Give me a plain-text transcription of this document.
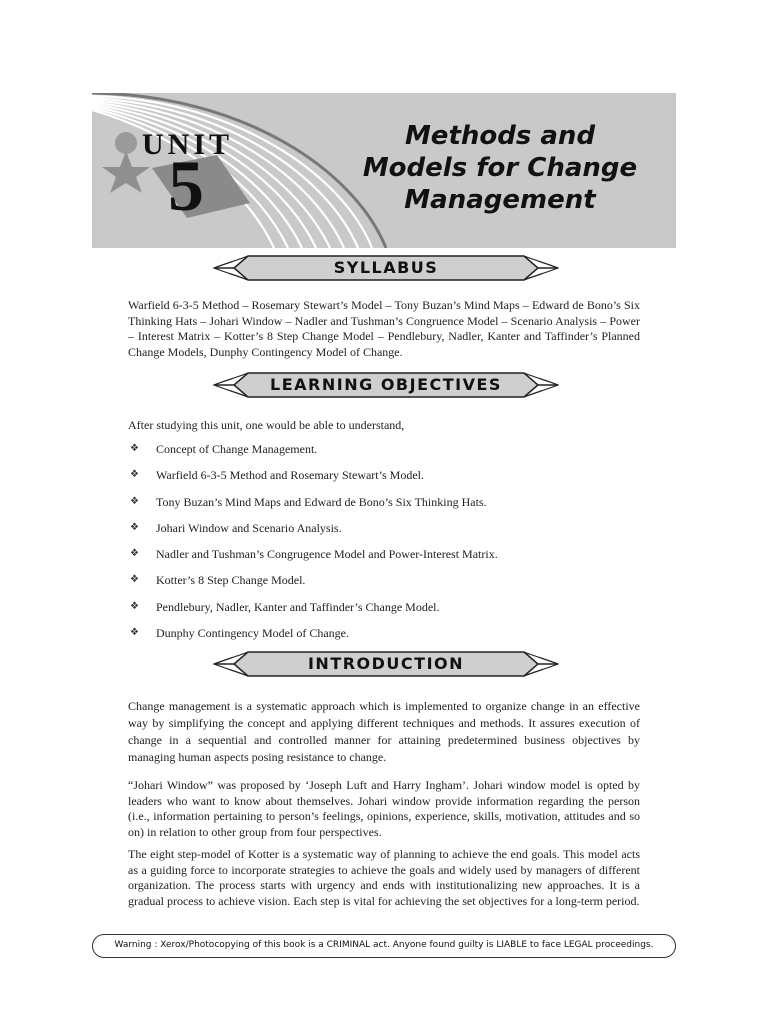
UNIT
5
Methods and
Models for Change
Management
SYLLABUS

Warfield 6-3-5 Method – Rosemary Stewart’s Model – Tony Buzan’s Mind Maps – Edward de Bono’s Six Thinking Hats – Johari Window – Nadler and Tushman’s Congruence Model – Scenario Analysis – Power – Interest Matrix – Kotter’s 8 Step Change Model – Pendlebury, Nadler, Kanter and Taffinder’s Planned Change Models, Dunphy Contingency Model of Change.

LEARNING OBJECTIVES

After studying this unit, one would be able to understand,

❖ Concept of Change Management.
❖ Warfield 6-3-5 Method and Rosemary Stewart’s Model.
❖ Tony Buzan’s Mind Maps and Edward de Bono’s Six Thinking Hats.
❖ Johari Window and Scenario Analysis.
❖ Nadler and Tushman’s Congrugence Model and Power-Interest Matrix.
❖ Kotter’s 8 Step Change Model.
❖ Pendlebury, Nadler, Kanter and Taffinder’s Change Model.
❖ Dunphy Contingency Model of Change.
INTRODUCTION

Change management is a systematic approach which is implemented to organize change in an effective way by simplifying the concept and applying different techniques and methods. It assures execution of change in a sequential and controlled manner for attaining predetermined business objectives by managing human aspects posing resistance to change.

“Johari Window” was proposed by ‘Joseph Luft and Harry Ingham’. Johari window model is opted by leaders who want to know about themselves. Johari window provide information regarding the person (i.e., information pertaining to person’s feelings, opinions, experience, skills, motivation, attitudes and so on) in relation to other group from four perspectives.

The eight step-model of Kotter is a systematic way of planning to achieve the end goals. This model acts as a guiding force to incorporate strategies to achieve the goals and widely used by managers of different organization. The process starts with urgency and ends with institutionalizing new approaches. It is a gradual process to achieve vision. Each step is vital for achieving the set objectives for a long-term period.

Warning : Xerox/Photocopying of this book is a CRIMINAL act. Anyone found guilty is LIABLE to face LEGAL proceedings.
